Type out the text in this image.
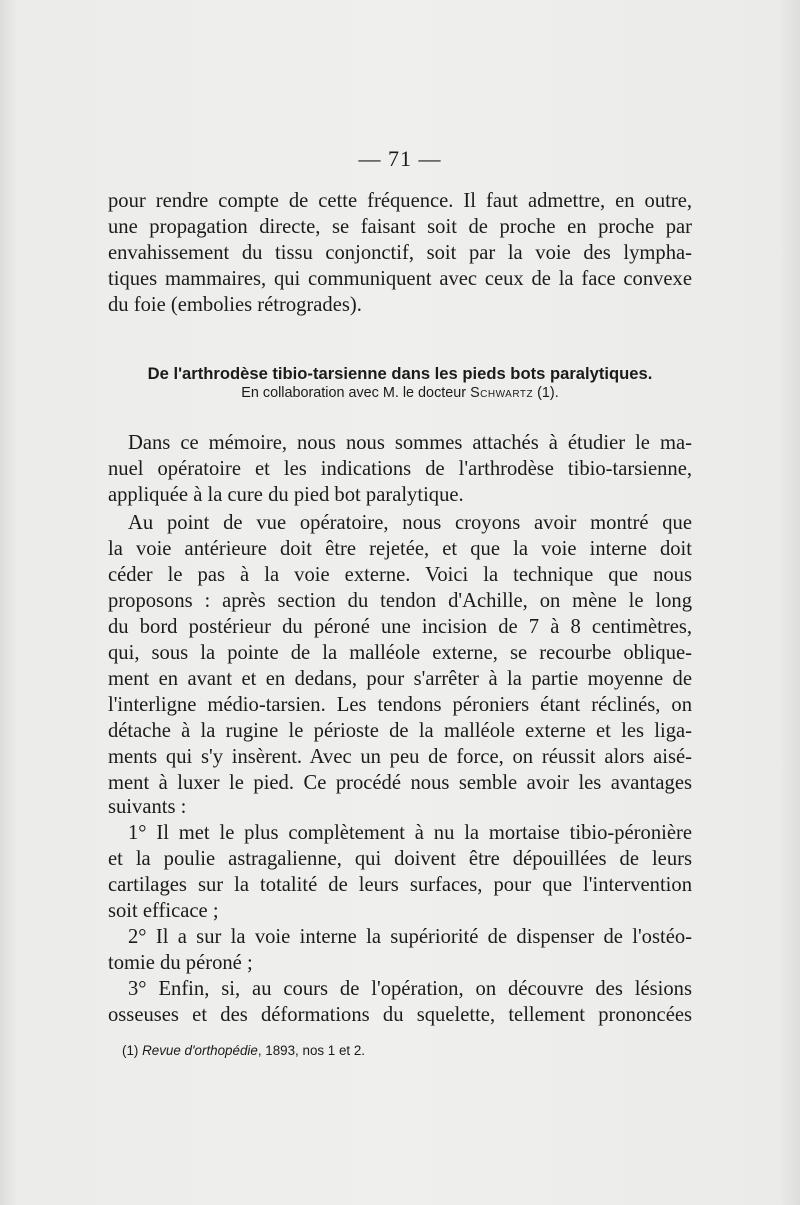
— 71 —
pour rendre compte de cette fréquence. Il faut admettre, en outre,
une propagation directe, se faisant soit de proche en proche par
envahissement du tissu conjonctif, soit par la voie des lympha-
tiques mammaires, qui communiquent avec ceux de la face convexe
du foie (embolies rétrogrades).
De l'arthrodèse tibio-tarsienne dans les pieds bots paralytiques.
En collaboration avec M. le docteur Schwartz (1).
Dans ce mémoire, nous nous sommes attachés à étudier le ma-
nuel opératoire et les indications de l'arthrodèse tibio-tarsienne,
appliquée à la cure du pied bot paralytique.
Au point de vue opératoire, nous croyons avoir montré que
la voie antérieure doit être rejetée, et que la voie interne doit
céder le pas à la voie externe. Voici la technique que nous
proposons : après section du tendon d'Achille, on mène le long
du bord postérieur du péroné une incision de 7 à 8 centimètres,
qui, sous la pointe de la malléole externe, se recourbe oblique-
ment en avant et en dedans, pour s'arrêter à la partie moyenne de
l'interligne médio-tarsien. Les tendons péroniers étant réclinés, on
détache à la rugine le périoste de la malléole externe et les liga-
ments qui s'y insèrent. Avec un peu de force, on réussit alors aisé-
ment à luxer le pied. Ce procédé nous semble avoir les avantages
suivants :
1° Il met le plus complètement à nu la mortaise tibio-péronière
et la poulie astragalienne, qui doivent être dépouillées de leurs
cartilages sur la totalité de leurs surfaces, pour que l'intervention
soit efficace ;
2° Il a sur la voie interne la supériorité de dispenser de l'ostéo-
tomie du péroné ;
3° Enfin, si, au cours de l'opération, on découvre des lésions
osseuses et des déformations du squelette, tellement prononcées
(1) Revue d'orthopédie, 1893, nos 1 et 2.
